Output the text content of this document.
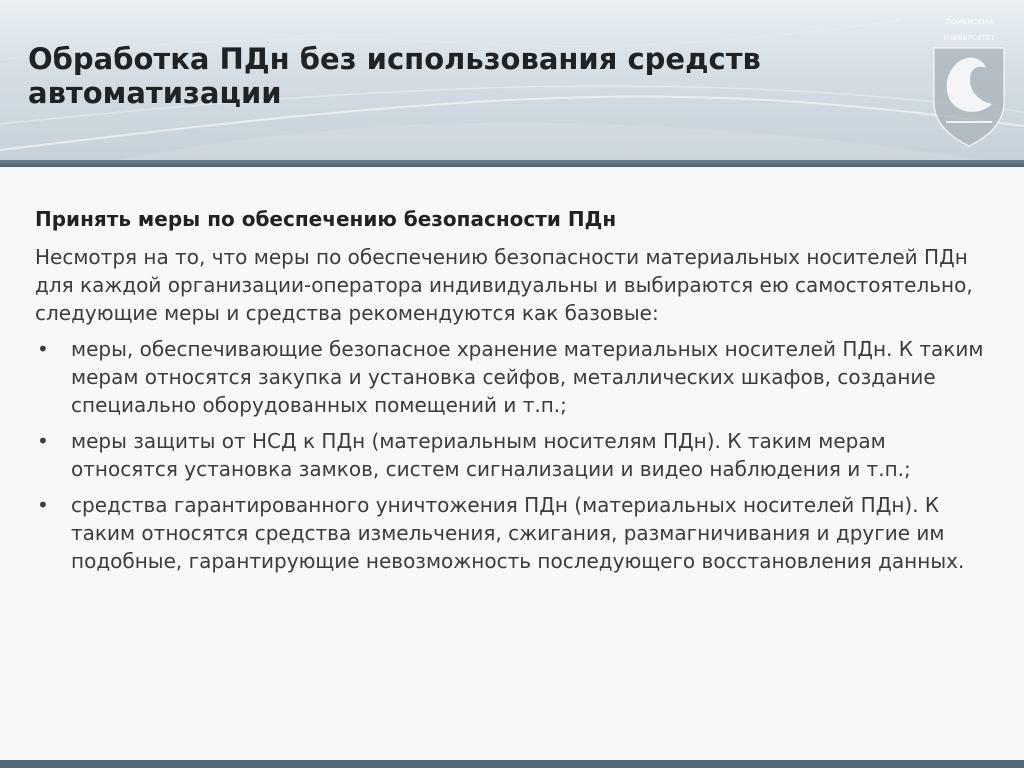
Обработка ПДн без использования средств автоматизации
ТЮМЕНСКИЙ
УНИВЕРСИТЕТ
Принять меры по обеспечению безопасности ПДн

Несмотря на то, что меры по обеспечению безопасности материальных носителей ПДн для каждой организации-оператора индивидуальны и выбираются ею самостоятельно, следующие меры и средства рекомендуются как базовые:

• меры, обеспечивающие безопасное хранение материальных носителей ПДн. К таким мерам относятся закупка и установка сейфов, металлических шкафов, создание специально оборудованных помещений и т.п.;
• меры защиты от НСД к ПДн (материальным носителям ПДн). К таким мерам относятся установка замков, систем сигнализации и видео наблюдения и т.п.;
• средства гарантированного уничтожения ПДн (материальных носителей ПДн). К таким относятся средства измельчения, сжигания, размагничивания и другие им подобные, гарантирующие невозможность последующего восстановления данных.
